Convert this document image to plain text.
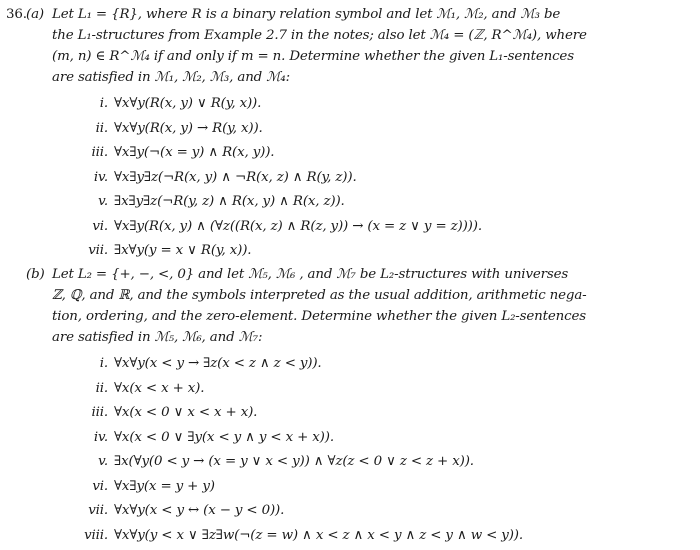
36. (a) Let L₁ = {R}, where R is a binary relation symbol and let ℳ₁, ℳ₂, and ℳ₃ be
the L₁-structures from Example 2.7 in the notes; also let ℳ₄ = (ℤ, R^ℳ₄), where
(m, n) ∈ R^ℳ₄ if and only if m = n. Determine whether the given L₁-sentences
are satisfied in ℳ₁, ℳ₂, ℳ₃, and ℳ₄:
i. ∀x∀y(R(x, y) ∨ R(y, x)).
ii. ∀x∀y(R(x, y) → R(y, x)).
iii. ∀x∃y(¬(x = y) ∧ R(x, y)).
iv. ∀x∃y∃z(¬R(x, y) ∧ ¬R(x, z) ∧ R(y, z)).
v. ∃x∃y∃z(¬R(y, z) ∧ R(x, y) ∧ R(x, z)).
vi. ∀x∃y(R(x, y) ∧ (∀z((R(x, z) ∧ R(z, y)) → (x = z ∨ y = z)))).
vii. ∃x∀y(y = x ∨ R(y, x)).
(b) Let L₂ = {+, −, <, 0} and let ℳ₅, ℳ₆ , and ℳ₇ be L₂-structures with universes
ℤ, ℚ, and ℝ, and the symbols interpreted as the usual addition, arithmetic nega-
tion, ordering, and the zero-element. Determine whether the given L₂-sentences
are satisfied in ℳ₅, ℳ₆, and ℳ₇:
i. ∀x∀y(x < y → ∃z(x < z ∧ z < y)).
ii. ∀x(x < x + x).
iii. ∀x(x < 0 ∨ x < x + x).
iv. ∀x(x < 0 ∨ ∃y(x < y ∧ y < x + x)).
v. ∃x(∀y(0 < y → (x = y ∨ x < y)) ∧ ∀z(z < 0 ∨ z < z + x)).
vi. ∀x∃y(x = y + y)
vii. ∀x∀y(x < y ↔ (x − y < 0)).
viii. ∀x∀y(y < x ∨ ∃z∃w(¬(z = w) ∧ x < z ∧ x < y ∧ z < y ∧ w < y)).
